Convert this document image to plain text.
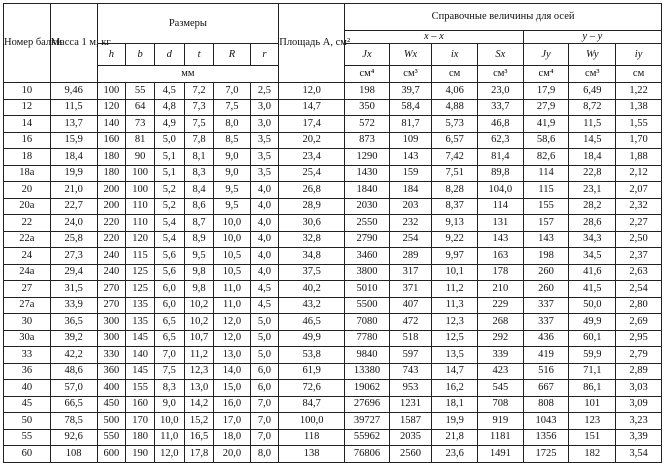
Номер балки	Масса 1 м, кг	Размеры						Площадь A, см²	Справочные величины для осей						
									x – x				y – y		
		h	b	d	t	R	r		Jx	Wx	ix	Sx	Jy	Wy	iy
		мм							см⁴	см³	см	см³	см⁴	см³	см
10	9,46	100	55	4,5	7,2	7,0	2,5	12,0	198	39,7	4,06	23,0	17,9	6,49	1,22
12	11,5	120	64	4,8	7,3	7,5	3,0	14,7	350	58,4	4,88	33,7	27,9	8,72	1,38
14	13,7	140	73	4,9	7,5	8,0	3,0	17,4	572	81,7	5,73	46,8	41,9	11,5	1,55
16	15,9	160	81	5,0	7,8	8,5	3,5	20,2	873	109	6,57	62,3	58,6	14,5	1,70
18	18,4	180	90	5,1	8,1	9,0	3,5	23,4	1290	143	7,42	81,4	82,6	18,4	1,88
18a	19,9	180	100	5,1	8,3	9,0	3,5	25,4	1430	159	7,51	89,8	114	22,8	2,12
20	21,0	200	100	5,2	8,4	9,5	4,0	26,8	1840	184	8,28	104,0	115	23,1	2,07
20a	22,7	200	110	5,2	8,6	9,5	4,0	28,9	2030	203	8,37	114	155	28,2	2,32
22	24,0	220	110	5,4	8,7	10,0	4,0	30,6	2550	232	9,13	131	157	28,6	2,27
22a	25,8	220	120	5,4	8,9	10,0	4,0	32,8	2790	254	9,22	143	143	34,3	2,50
24	27,3	240	115	5,6	9,5	10,5	4,0	34,8	3460	289	9,97	163	198	34,5	2,37
24a	29,4	240	125	5,6	9,8	10,5	4,0	37,5	3800	317	10,1	178	260	41,6	2,63
27	31,5	270	125	6,0	9,8	11,0	4,5	40,2	5010	371	11,2	210	260	41,5	2,54
27a	33,9	270	135	6,0	10,2	11,0	4,5	43,2	5500	407	11,3	229	337	50,0	2,80
30	36,5	300	135	6,5	10,2	12,0	5,0	46,5	7080	472	12,3	268	337	49,9	2,69
30a	39,2	300	145	6,5	10,7	12,0	5,0	49,9	7780	518	12,5	292	436	60,1	2,95
33	42,2	330	140	7,0	11,2	13,0	5,0	53,8	9840	597	13,5	339	419	59,9	2,79
36	48,6	360	145	7,5	12,3	14,0	6,0	61,9	13380	743	14,7	423	516	71,1	2,89
40	57,0	400	155	8,3	13,0	15,0	6,0	72,6	19062	953	16,2	545	667	86,1	3,03
45	66,5	450	160	9,0	14,2	16,0	7,0	84,7	27696	1231	18,1	708	808	101	3,09
50	78,5	500	170	10,0	15,2	17,0	7,0	100,0	39727	1587	19,9	919	1043	123	3,23
55	92,6	550	180	11,0	16,5	18,0	7,0	118	55962	2035	21,8	1181	1356	151	3,39
60	108	600	190	12,0	17,8	20,0	8,0	138	76806	2560	23,6	1491	1725	182	3,54
